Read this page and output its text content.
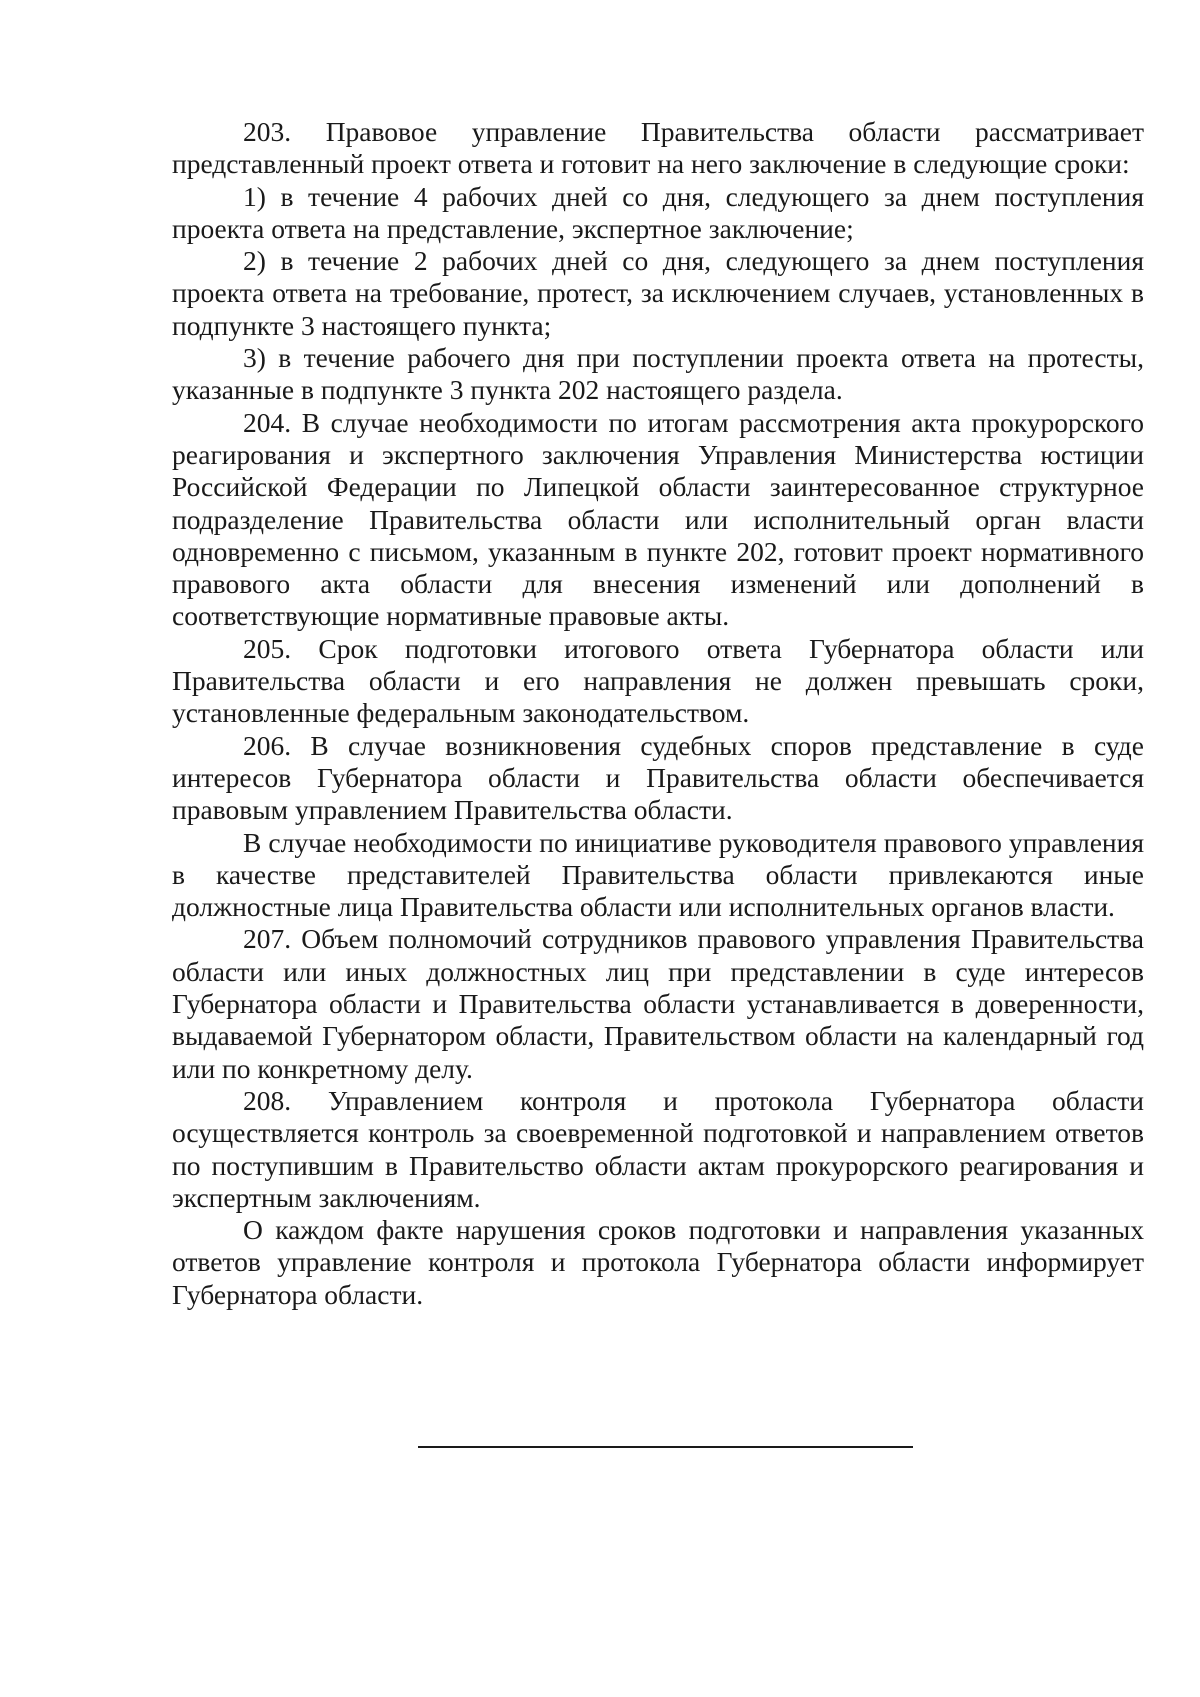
203. Правовое управление Правительства области рассматривает представленный проект ответа и готовит на него заключение в следующие сроки:

1) в течение 4 рабочих дней со дня, следующего за днем поступления проекта ответа на представление, экспертное заключение;

2) в течение 2 рабочих дней со дня, следующего за днем поступления проекта ответа на требование, протест, за исключением случаев, установленных в подпункте 3 настоящего пункта;

3) в течение рабочего дня при поступлении проекта ответа на протесты, указанные в подпункте 3 пункта 202 настоящего раздела.

204. В случае необходимости по итогам рассмотрения акта прокурорского реагирования и экспертного заключения Управления Министерства юстиции Российской Федерации по Липецкой области заинтересованное структурное подразделение Правительства области или исполнительный орган власти одновременно с письмом, указанным в пункте 202, готовит проект нормативного правового акта области для внесения изменений или дополнений в соответствующие нормативные правовые акты.

205. Срок подготовки итогового ответа Губернатора области или Правительства области и его направления не должен превышать сроки, установленные федеральным законодательством.

206. В случае возникновения судебных споров представление в суде интересов Губернатора области и Правительства области обеспечивается правовым управлением Правительства области.

В случае необходимости по инициативе руководителя правового управления в качестве представителей Правительства области привлекаются иные должностные лица Правительства области или исполнительных органов власти.

207. Объем полномочий сотрудников правового управления Правительства области или иных должностных лиц при представлении в суде интересов Губернатора области и Правительства области устанавливается в доверенности, выдаваемой Губернатором области, Правительством области на календарный год или по конкретному делу.

208. Управлением контроля и протокола Губернатора области осуществляется контроль за своевременной подготовкой и направлением ответов по поступившим в Правительство области актам прокурорского реагирования и экспертным заключениям.

О каждом факте нарушения сроков подготовки и направления указанных ответов управление контроля и протокола Губернатора области информирует Губернатора области.
